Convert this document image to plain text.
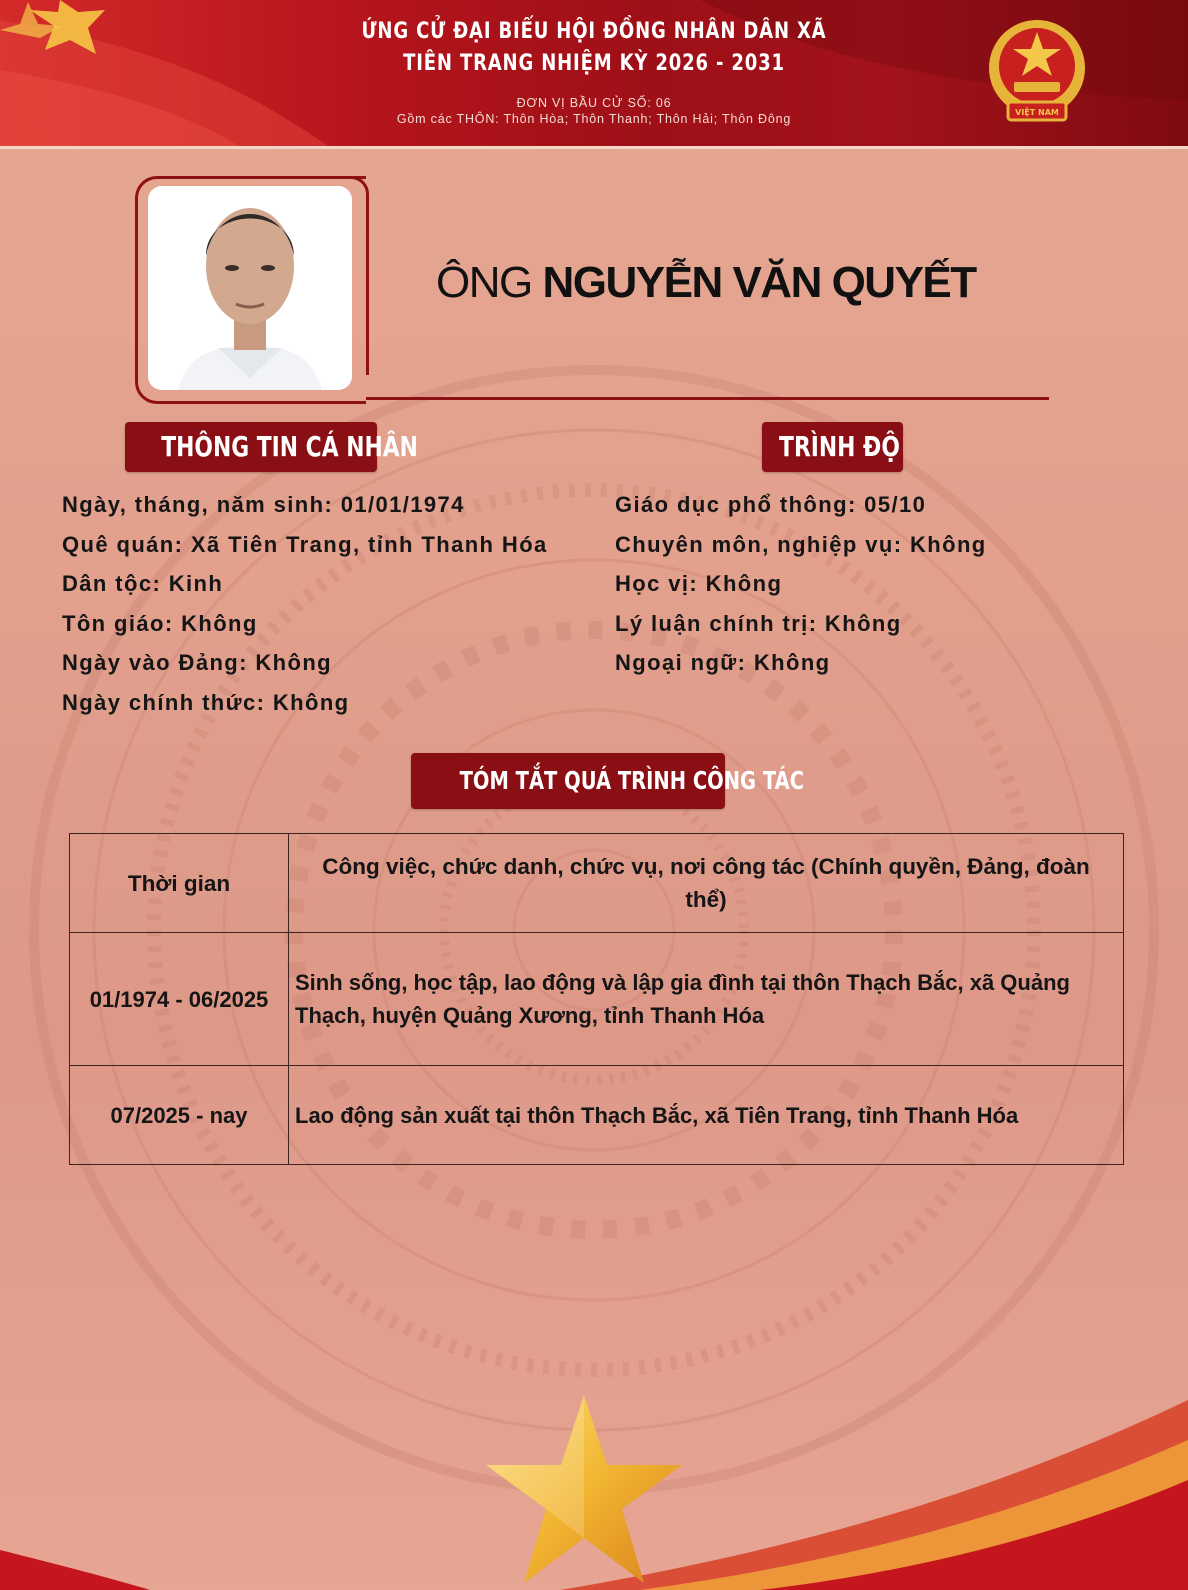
ỨNG CỬ ĐẠI BIỂU HỘI ĐỒNG NHÂN DÂN XÃ
TIÊN TRANG NHIỆM KỲ 2026 - 2031
ĐƠN VỊ BẦU CỬ SỐ: 06
Gồm các THÔN: Thôn Hòa; Thôn Thanh; Thôn Hải; Thôn Đông	VIỆT NAM
ÔNG NGUYỄN VĂN QUYẾT
THÔNG TIN CÁ NHÂN	TRÌNH ĐỘ
Ngày, tháng, năm sinh: 01/01/1974
Quê quán: Xã Tiên Trang, tỉnh Thanh Hóa
Dân tộc: Kinh
Tôn giáo: Không
Ngày vào Đảng: Không
Ngày chính thức: Không
Giáo dục phổ thông: 05/10
Chuyên môn, nghiệp vụ: Không
Học vị: Không
Lý luận chính trị: Không
Ngoại ngữ: Không
TÓM TẮT QUÁ TRÌNH CÔNG TÁC
Thời gian	Công việc, chức danh, chức vụ, nơi công tác (Chính quyền, Đảng, đoàn thể)
01/1974 - 06/2025	Sinh sống, học tập, lao động và lập gia đình tại thôn Thạch Bắc, xã Quảng Thạch, huyện Quảng Xương, tỉnh Thanh Hóa
07/2025 - nay	Lao động sản xuất tại thôn Thạch Bắc, xã Tiên Trang, tỉnh Thanh Hóa
